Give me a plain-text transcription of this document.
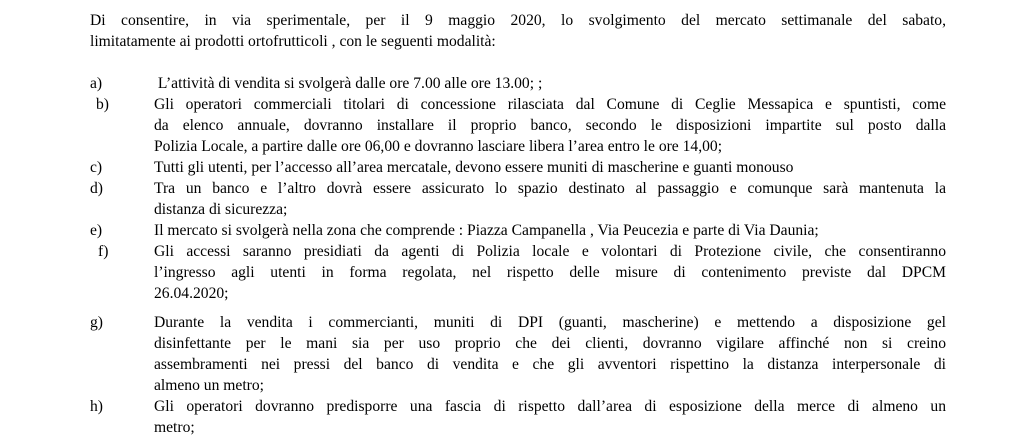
Di consentire, in via sperimentale, per il 9 maggio 2020, lo svolgimento del mercato settimanale del sabato,
limitatamente ai prodotti ortofrutticoli , con le seguenti modalità:

a)	L’attività di vendita si svolgerà dalle ore 7.00 alle ore 13.00; ;
b)	Gli operatori commerciali titolari di concessione rilasciata dal Comune di Ceglie Messapica e spuntisti, come
da elenco annuale, dovranno installare il proprio banco, secondo le disposizioni impartite sul posto dalla
Polizia Locale, a partire dalle ore 06,00 e dovranno lasciare libera l’area entro le ore 14,00;
c)	Tutti gli utenti, per l’accesso all’area mercatale, devono essere muniti di mascherine e guanti monouso
d)	Tra un banco e l’altro dovrà essere assicurato lo spazio destinato al passaggio e comunque sarà mantenuta la
distanza di sicurezza;
e)	Il mercato si svolgerà nella zona che comprende : Piazza Campanella , Via Peucezia e parte di Via Daunia;
f)	Gli accessi saranno presidiati da agenti di Polizia locale e volontari di Protezione civile, che consentiranno
l’ingresso agli utenti in forma regolata, nel rispetto delle misure di contenimento previste dal DPCM
26.04.2020;
g)	Durante la vendita i commercianti, muniti di DPI (guanti, mascherine) e mettendo a disposizione gel
disinfettante per le mani sia per uso proprio che dei clienti, dovranno vigilare affinché non si creino
assembramenti nei pressi del banco di vendita e che gli avventori rispettino la distanza interpersonale di
almeno un metro;
h)	Gli operatori dovranno predisporre una fascia di rispetto dall’area di esposizione della merce di almeno un
metro;
